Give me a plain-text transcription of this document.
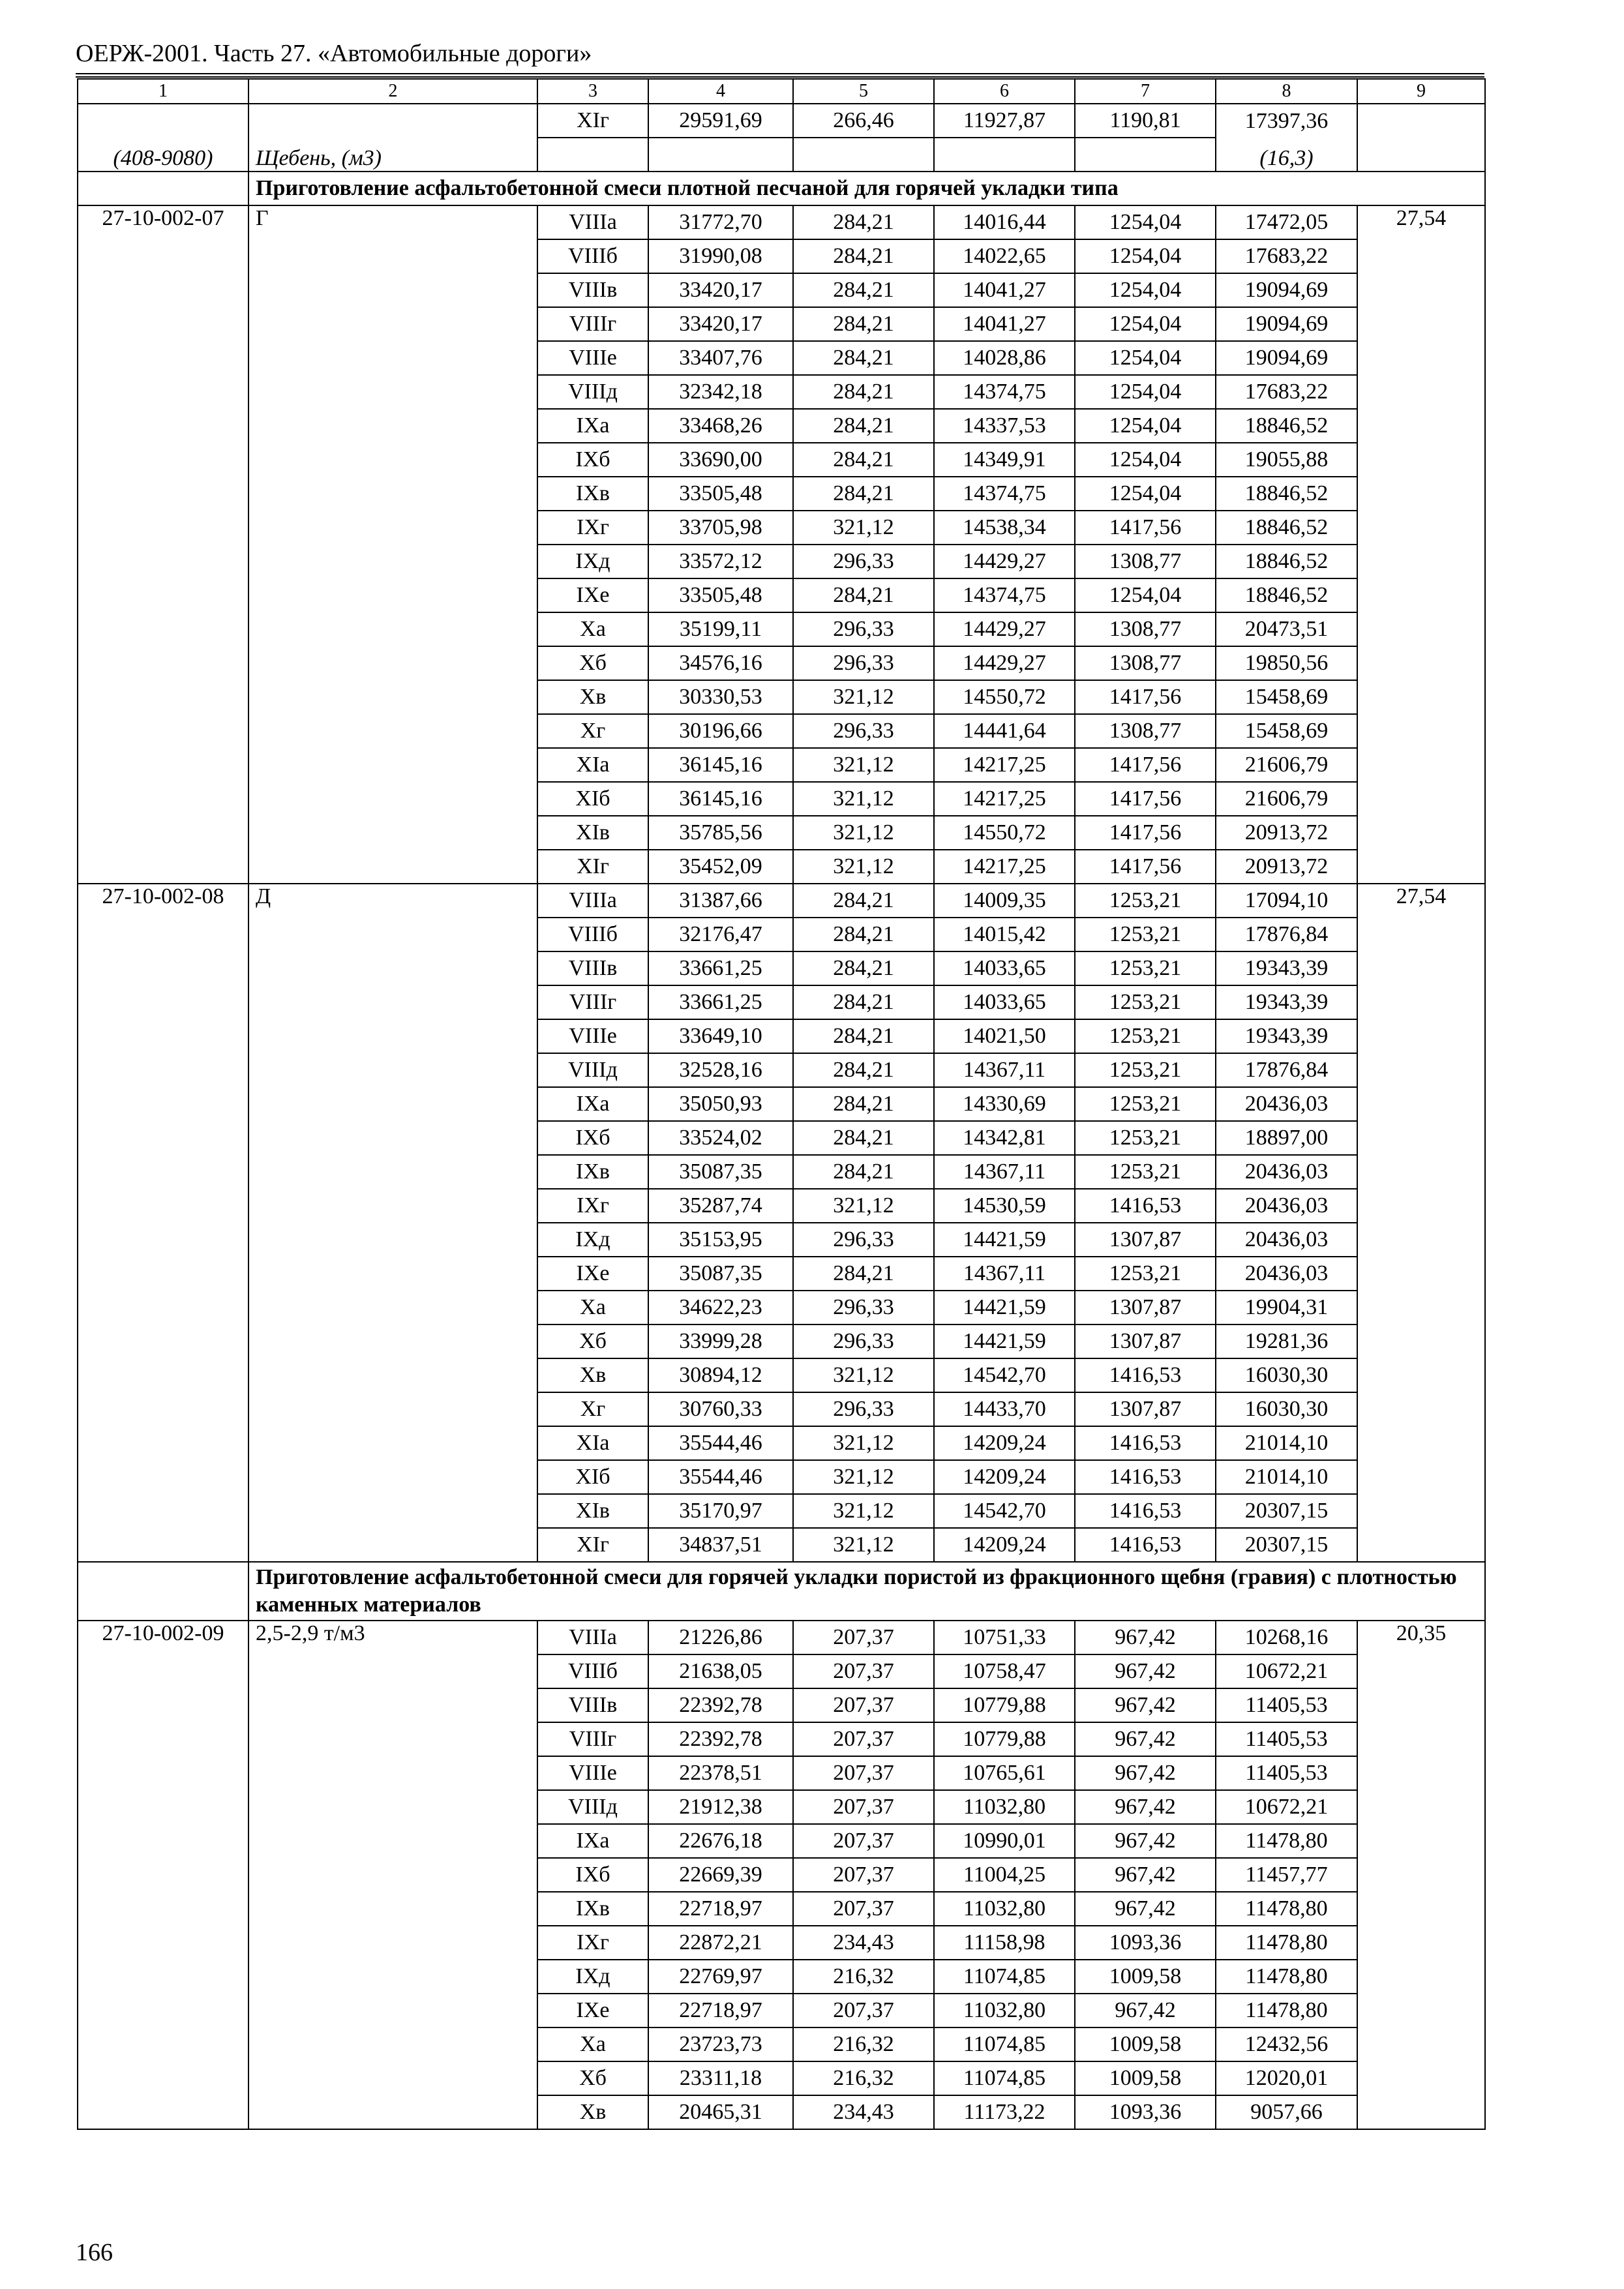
ОЕРЖ-2001. Часть 27. «Автомобильные дороги»
1	2	3	4	5	6	7	8	9
		XIг	29591,69	266,46	11927,87	1190,81	17397,36	
(408-9080)	Щебень, (м3)						(16,3)	
	Приготовление асфальтобетонной смеси плотной песчаной для горячей укладки типа							
27-10-002-07	Г	VIIIа	31772,70	284,21	14016,44	1254,04	17472,05	27,54
		VIIIб	31990,08	284,21	14022,65	1254,04	17683,22	
		VIIIв	33420,17	284,21	14041,27	1254,04	19094,69	
		VIIIг	33420,17	284,21	14041,27	1254,04	19094,69	
		VIIIе	33407,76	284,21	14028,86	1254,04	19094,69	
		VIIIд	32342,18	284,21	14374,75	1254,04	17683,22	
		IXа	33468,26	284,21	14337,53	1254,04	18846,52	
		IXб	33690,00	284,21	14349,91	1254,04	19055,88	
		IXв	33505,48	284,21	14374,75	1254,04	18846,52	
		IXг	33705,98	321,12	14538,34	1417,56	18846,52	
		IXд	33572,12	296,33	14429,27	1308,77	18846,52	
		IXе	33505,48	284,21	14374,75	1254,04	18846,52	
		Xа	35199,11	296,33	14429,27	1308,77	20473,51	
		Xб	34576,16	296,33	14429,27	1308,77	19850,56	
		Xв	30330,53	321,12	14550,72	1417,56	15458,69	
		Xг	30196,66	296,33	14441,64	1308,77	15458,69	
		XIа	36145,16	321,12	14217,25	1417,56	21606,79	
		XIб	36145,16	321,12	14217,25	1417,56	21606,79	
		XIв	35785,56	321,12	14550,72	1417,56	20913,72	
		XIг	35452,09	321,12	14217,25	1417,56	20913,72	
27-10-002-08	Д	VIIIа	31387,66	284,21	14009,35	1253,21	17094,10	27,54
		VIIIб	32176,47	284,21	14015,42	1253,21	17876,84	
		VIIIв	33661,25	284,21	14033,65	1253,21	19343,39	
		VIIIг	33661,25	284,21	14033,65	1253,21	19343,39	
		VIIIе	33649,10	284,21	14021,50	1253,21	19343,39	
		VIIIд	32528,16	284,21	14367,11	1253,21	17876,84	
		IXа	35050,93	284,21	14330,69	1253,21	20436,03	
		IXб	33524,02	284,21	14342,81	1253,21	18897,00	
		IXв	35087,35	284,21	14367,11	1253,21	20436,03	
		IXг	35287,74	321,12	14530,59	1416,53	20436,03	
		IXд	35153,95	296,33	14421,59	1307,87	20436,03	
		IXе	35087,35	284,21	14367,11	1253,21	20436,03	
		Xа	34622,23	296,33	14421,59	1307,87	19904,31	
		Xб	33999,28	296,33	14421,59	1307,87	19281,36	
		Xв	30894,12	321,12	14542,70	1416,53	16030,30	
		Xг	30760,33	296,33	14433,70	1307,87	16030,30	
		XIа	35544,46	321,12	14209,24	1416,53	21014,10	
		XIб	35544,46	321,12	14209,24	1416,53	21014,10	
		XIв	35170,97	321,12	14542,70	1416,53	20307,15	
		XIг	34837,51	321,12	14209,24	1416,53	20307,15	
	Приготовление асфальтобетонной смеси для горячей укладки пористой из фракционного щебня (гравия) с плотностью каменных материалов							
27-10-002-09	2,5-2,9 т/м3	VIIIа	21226,86	207,37	10751,33	967,42	10268,16	20,35
		VIIIб	21638,05	207,37	10758,47	967,42	10672,21	
		VIIIв	22392,78	207,37	10779,88	967,42	11405,53	
		VIIIг	22392,78	207,37	10779,88	967,42	11405,53	
		VIIIе	22378,51	207,37	10765,61	967,42	11405,53	
		VIIIд	21912,38	207,37	11032,80	967,42	10672,21	
		IXа	22676,18	207,37	10990,01	967,42	11478,80	
		IXб	22669,39	207,37	11004,25	967,42	11457,77	
		IXв	22718,97	207,37	11032,80	967,42	11478,80	
		IXг	22872,21	234,43	11158,98	1093,36	11478,80	
		IXд	22769,97	216,32	11074,85	1009,58	11478,80	
		IXе	22718,97	207,37	11032,80	967,42	11478,80	
		Xа	23723,73	216,32	11074,85	1009,58	12432,56	
		Xб	23311,18	216,32	11074,85	1009,58	12020,01	
		Xв	20465,31	234,43	11173,22	1093,36	9057,66	
166
